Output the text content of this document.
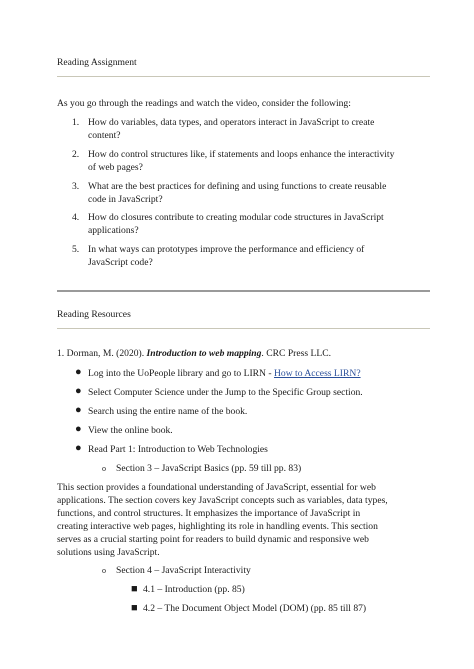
Reading Assignment
As you go through the readings and watch the video, consider the following:
1. How do variables, data types, and operators interact in JavaScript to create
content?
2. How do control structures like, if statements and loops enhance the interactivity
of web pages?
3. What are the best practices for defining and using functions to create reusable
code in JavaScript?
4. How do closures contribute to creating modular code structures in JavaScript
applications?
5. In what ways can prototypes improve the performance and efficiency of
JavaScript code?
Reading Resources
1. Dorman, M. (2020). Introduction to web mapping. CRC Press LLC.
● Log into the UoPeople library and go to LIRN - How to Access LIRN?
● Select Computer Science under the Jump to the Specific Group section.
● Search using the entire name of the book.
● View the online book.
● Read Part 1: Introduction to Web Technologies
o Section 3 – JavaScript Basics (pp. 59 till pp. 83)
This section provides a foundational understanding of JavaScript, essential for web
applications. The section covers key JavaScript concepts such as variables, data types,
functions, and control structures. It emphasizes the importance of JavaScript in
creating interactive web pages, highlighting its role in handling events. This section
serves as a crucial starting point for readers to build dynamic and responsive web
solutions using JavaScript.
o Section 4 – JavaScript Interactivity
■ 4.1 – Introduction (pp. 85)
■ 4.2 – The Document Object Model (DOM) (pp. 85 till 87)
